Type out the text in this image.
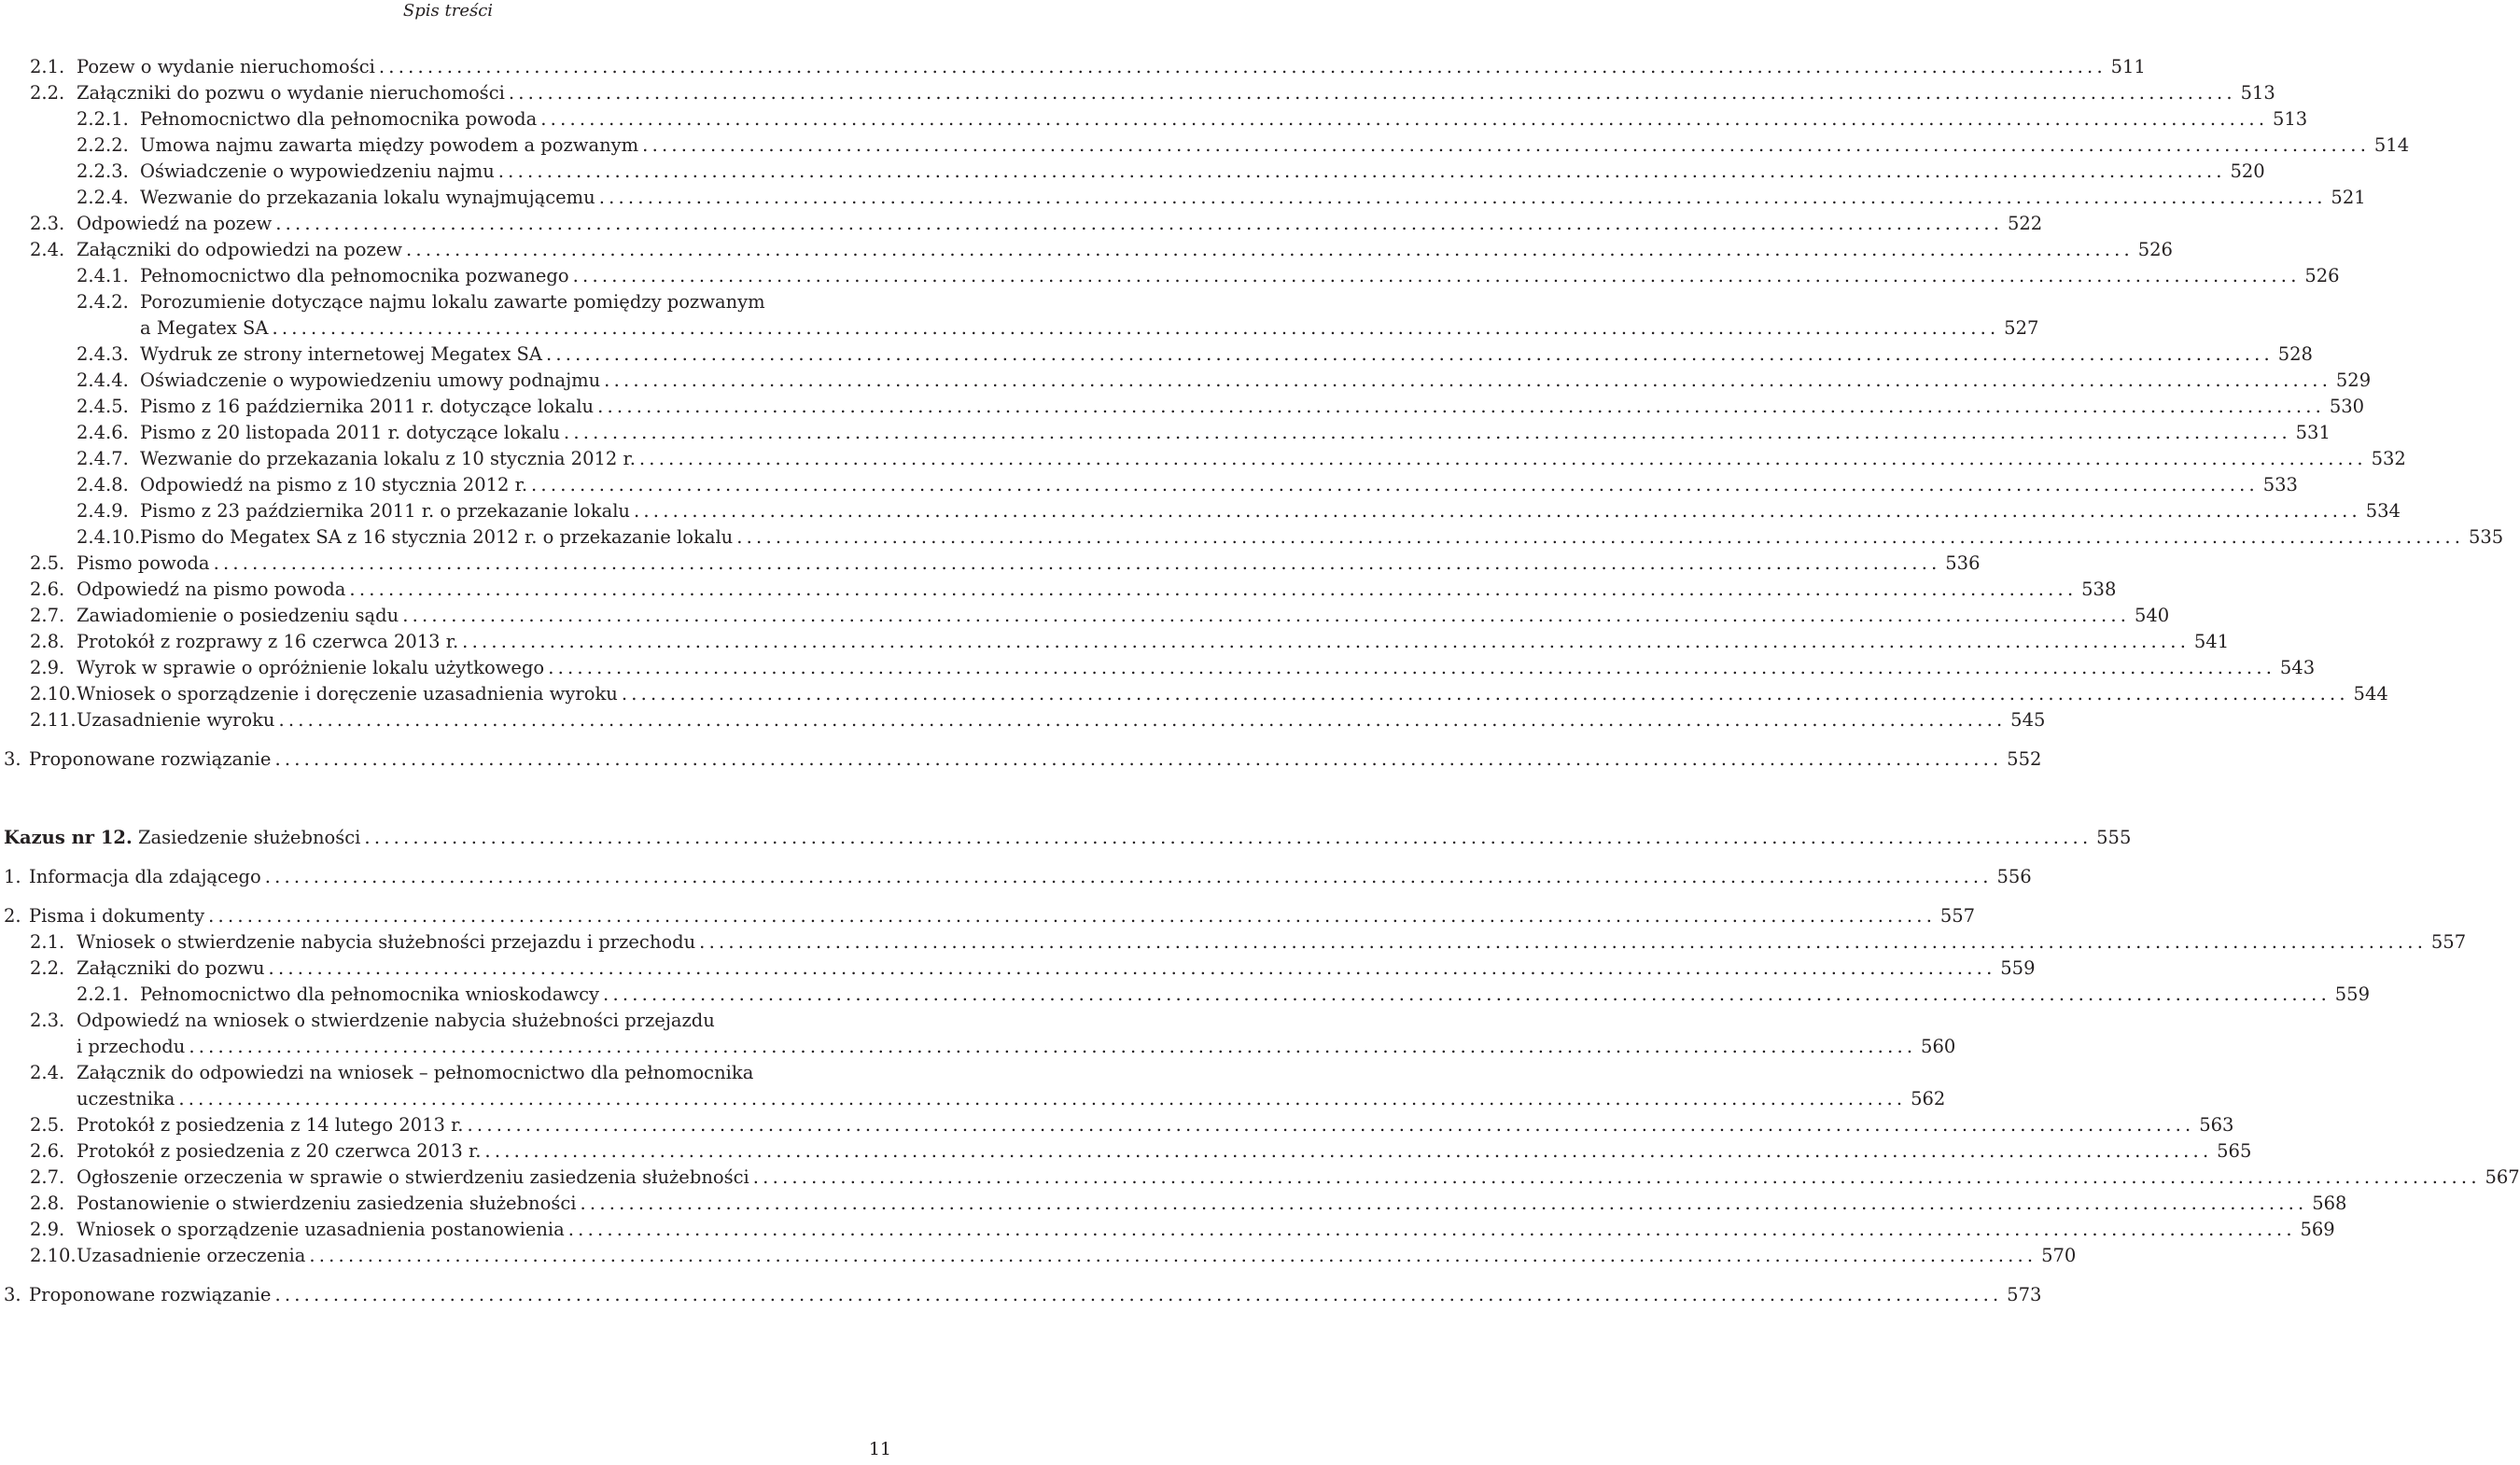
Spis treści
2.1. Pozew o wydanie nieruchomości .....	511
2.2. Załączniki do pozwu o wydanie nieruchomości .....	513
2.2.1. Pełnomocnictwo dla pełnomocnika powoda .....	513
2.2.2. Umowa najmu zawarta między powodem a pozwanym .....	514
2.2.3. Oświadczenie o wypowiedzeniu najmu .....	520
2.2.4. Wezwanie do przekazania lokalu wynajmującemu .....	521
2.3. Odpowiedź na pozew .....	522
2.4. Załączniki do odpowiedzi na pozew .....	526
2.4.1. Pełnomocnictwo dla pełnomocnika pozwanego .....	526
2.4.2. Porozumienie dotyczące najmu lokalu zawarte pomiędzy pozwanym
a Megatex SA .....	527
2.4.3. Wydruk ze strony internetowej Megatex SA .....	528
2.4.4. Oświadczenie o wypowiedzeniu umowy podnajmu .....	529
2.4.5. Pismo z 16 października 2011 r. dotyczące lokalu .....	530
2.4.6. Pismo z 20 listopada 2011 r. dotyczące lokalu .....	531
2.4.7. Wezwanie do przekazania lokalu z 10 stycznia 2012 r. .....	532
2.4.8. Odpowiedź na pismo z 10 stycznia 2012 r. .....	533
2.4.9. Pismo z 23 października 2011 r. o przekazanie lokalu .....	534
2.4.10. Pismo do Megatex SA z 16 stycznia 2012 r. o przekazanie lokalu .....	535
2.5. Pismo powoda .....	536
2.6. Odpowiedź na pismo powoda .....	538
2.7. Zawiadomienie o posiedzeniu sądu .....	540
2.8. Protokół z rozprawy z 16 czerwca 2013 r. .....	541
2.9. Wyrok w sprawie o opróżnienie lokalu użytkowego .....	543
2.10. Wniosek o sporządzenie i doręczenie uzasadnienia wyroku .....	544
2.11. Uzasadnienie wyroku .....	545
3. Proponowane rozwiązanie .....	552
Kazus nr 12.
Zasiedzenie służebności .....	555
1. Informacja dla zdającego .....	556
2. Pisma i dokumenty .....	557
2.1. Wniosek o stwierdzenie nabycia służebności przejazdu i przechodu .....	557
2.2. Załączniki do pozwu .....	559
2.2.1. Pełnomocnictwo dla pełnomocnika wnioskodawcy .....	559
2.3. Odpowiedź na wniosek o stwierdzenie nabycia służebności przejazdu
i przechodu .....	560
2.4. Załącznik do odpowiedzi na wniosek – pełnomocnictwo dla pełnomocnika
uczestnika .....	562
2.5. Protokół z posiedzenia z 14 lutego 2013 r. .....	563
2.6. Protokół z posiedzenia z 20 czerwca 2013 r. .....	565
2.7. Ogłoszenie orzeczenia w sprawie o stwierdzeniu zasiedzenia służebności .....	567
2.8. Postanowienie o stwierdzeniu zasiedzenia służebności .....	568
2.9. Wniosek o sporządzenie uzasadnienia postanowienia .....	569
2.10. Uzasadnienie orzeczenia .....	570
3. Proponowane rozwiązanie .....	573
11
